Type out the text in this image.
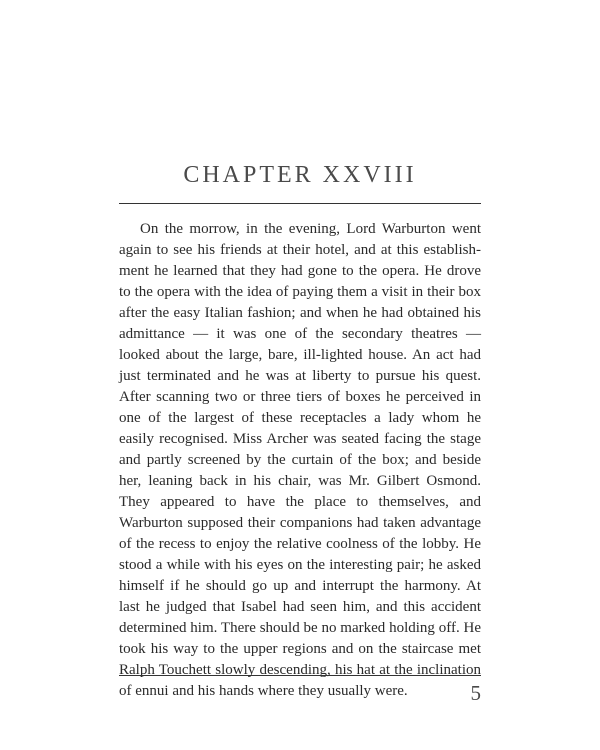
CHAPTER XXVIII

On the morrow, in the evening, Lord Warburton went again to see his friends at their hotel, and at this establishment he learned that they had gone to the opera. He drove to the opera with the idea of paying them a visit in their box after the easy Italian fashion; and when he had obtained his admittance — it was one of the secondary theatres — looked about the large, bare, ill-lighted house. An act had just terminated and he was at liberty to pursue his quest. After scanning two or three tiers of boxes he perceived in one of the largest of these receptacles a lady whom he easily recognised. Miss Archer was seated facing the stage and partly screened by the curtain of the box; and beside her, leaning back in his chair, was Mr. Gilbert Osmond. They appeared to have the place to themselves, and Warburton supposed their companions had taken advantage of the recess to enjoy the relative coolness of the lobby. He stood a while with his eyes on the interesting pair; he asked himself if he should go up and interrupt the harmony. At last he judged that Isabel had seen him, and this accident determined him. There should be no marked holding off. He took his way to the upper regions and on the staircase met Ralph Touchett slowly descending, his hat at the inclination of ennui and his hands where they usually were.	5
